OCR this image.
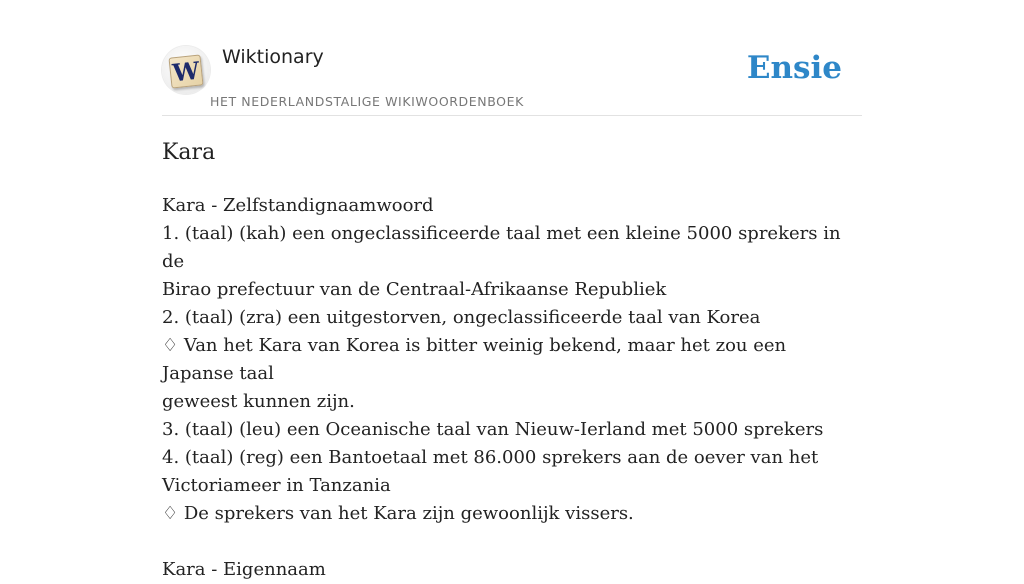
W Wiktionary
HET NEDERLANDSTALIGE WIKIWOORDENBOEK
Ensie
Kara
Kara - Zelfstandignaamwoord
1. (taal) (kah) een ongeclassificeerde taal met een kleine 5000 sprekers in de
Birao prefectuur van de Centraal-Afrikaanse Republiek
2. (taal) (zra) een uitgestorven, ongeclassificeerde taal van Korea
♢ Van het Kara van Korea is bitter weinig bekend, maar het zou een Japanse taal
geweest kunnen zijn.
3. (taal) (leu) een Oceanische taal van Nieuw-Ierland met 5000 sprekers
4. (taal) (reg) een Bantoetaal met 86.000 sprekers aan de oever van het
Victoriameer in Tanzania
♢ De sprekers van het Kara zijn gewoonlijk vissers.
Kara - Eigennaam
